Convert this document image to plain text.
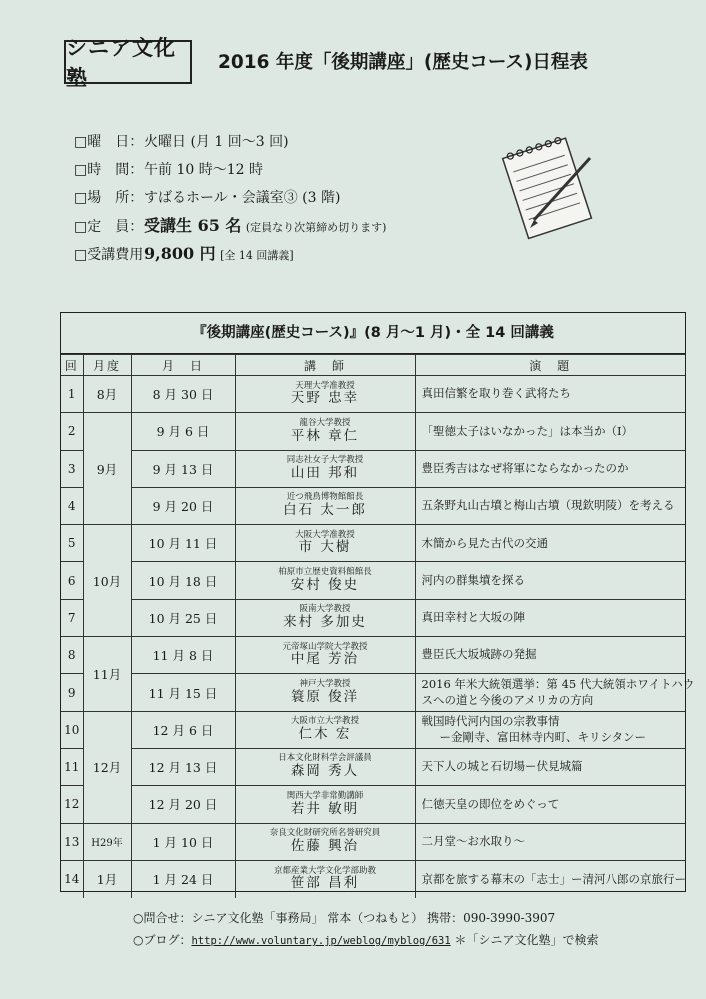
シニア文化塾
2016 年度「後期講座」(歴史コース)日程表
□曜　日：火曜日 (月 1 回～3 回)
□時　間：午前 10 時～12 時
□場　所：すばるホール・会議室③ (3 階)
□定　員：受講生 65 名 (定員なり次第締め切ります)
□受講費用：9,800 円 [全 14 回講義]
『後期講座(歴史コース)』(8 月～1 月)・全 14 回講義
回	月度	月　日	講　師	演　題
1	8月	8 月 30 日	天理大学准教授
天野 忠幸	真田信繁を取り巻く武将たち

2	9月	9 月 6 日	龍谷大学教授
平林 章仁	「聖徳太子はいなかった」は本当か（I）

3		9 月 13 日	同志社女子大学教授
山田 邦和	豊臣秀吉はなぜ将軍にならなかったのか

4		9 月 20 日	近つ飛鳥博物館館長
白石 太一郎	五条野丸山古墳と梅山古墳（現欽明陵）を考える

5	10月	10 月 11 日	大阪大学准教授
市 大樹	木簡から見た古代の交通

6		10 月 18 日	柏原市立歴史資料館館長
安村 俊史	河内の群集墳を探る

7		10 月 25 日	阪南大学教授
来村 多加史	真田幸村と大坂の陣

8	11月	11 月 8 日	元帝塚山学院大学教授
中尾 芳治	豊臣氏大坂城跡の発掘

9		11 月 15 日	神戸大学教授
簑原 俊洋	2016 年米大統領選挙：第 45 代大統領ホワイトハウ
スへの道と今後のアメリカの方向

10	12月	12 月 6 日	大阪市立大学教授
仁木 宏	戦国時代河内国の宗教事情
ー金剛寺、富田林寺内町、キリシタンー

11		12 月 13 日	日本文化財科学会評議員
森岡 秀人	天下人の城と石切場ー伏見城篇

12		12 月 20 日	関西大学非常勤講師
若井 敏明	仁徳天皇の即位をめぐって

13	H29年	1 月 10 日	奈良文化財研究所名誉研究員
佐藤 興治	二月堂～お水取り～

14	1月	1 月 24 日	京都産業大学文化学部助教
笹部 昌利	京都を旅する幕末の「志士」ー清河八郎の京旅行ー
○問合せ：シニア文化塾「事務局」 常本（つねもと） 携帯：090-3990-3907
○ブログ：http://www.voluntary.jp/weblog/myblog/631 ＊「シニア文化塾」で検索
